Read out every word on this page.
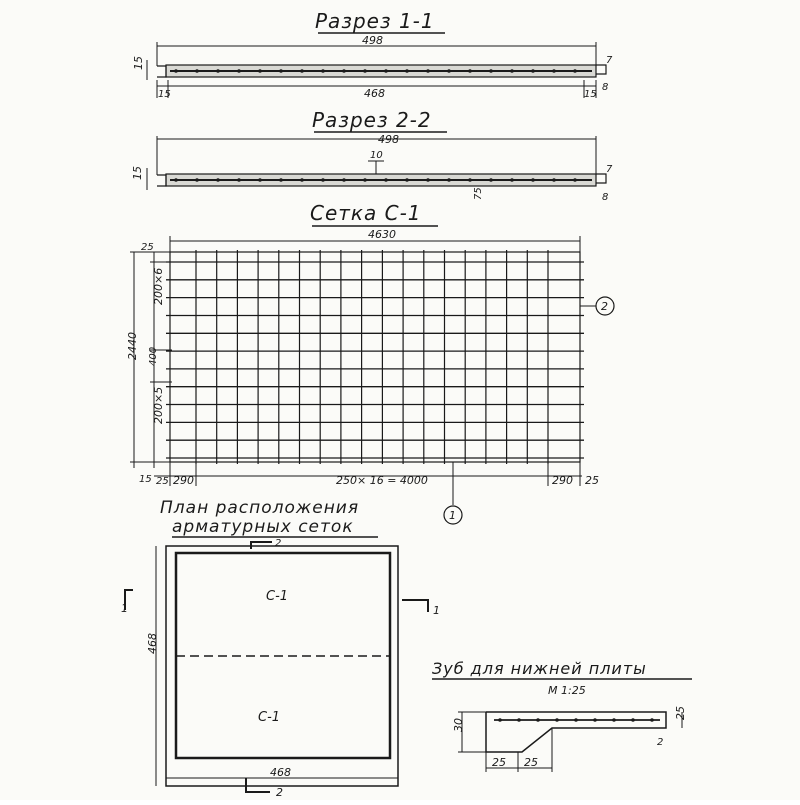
Разрез 1-1
498
15	7
8
468
15	15
Разрез 2-2
498
10
15	7
8
75
Сетка С-1
4630
25
2440
200×6
400
200×5
15 25 290	250× 16 = 4000	290 25
1
2
План расположения
арматурных сеток
С-1
С-1
468
468
1	1
2
2
Зуб для нижней плиты
М 1:25
30
25
2
25 25
